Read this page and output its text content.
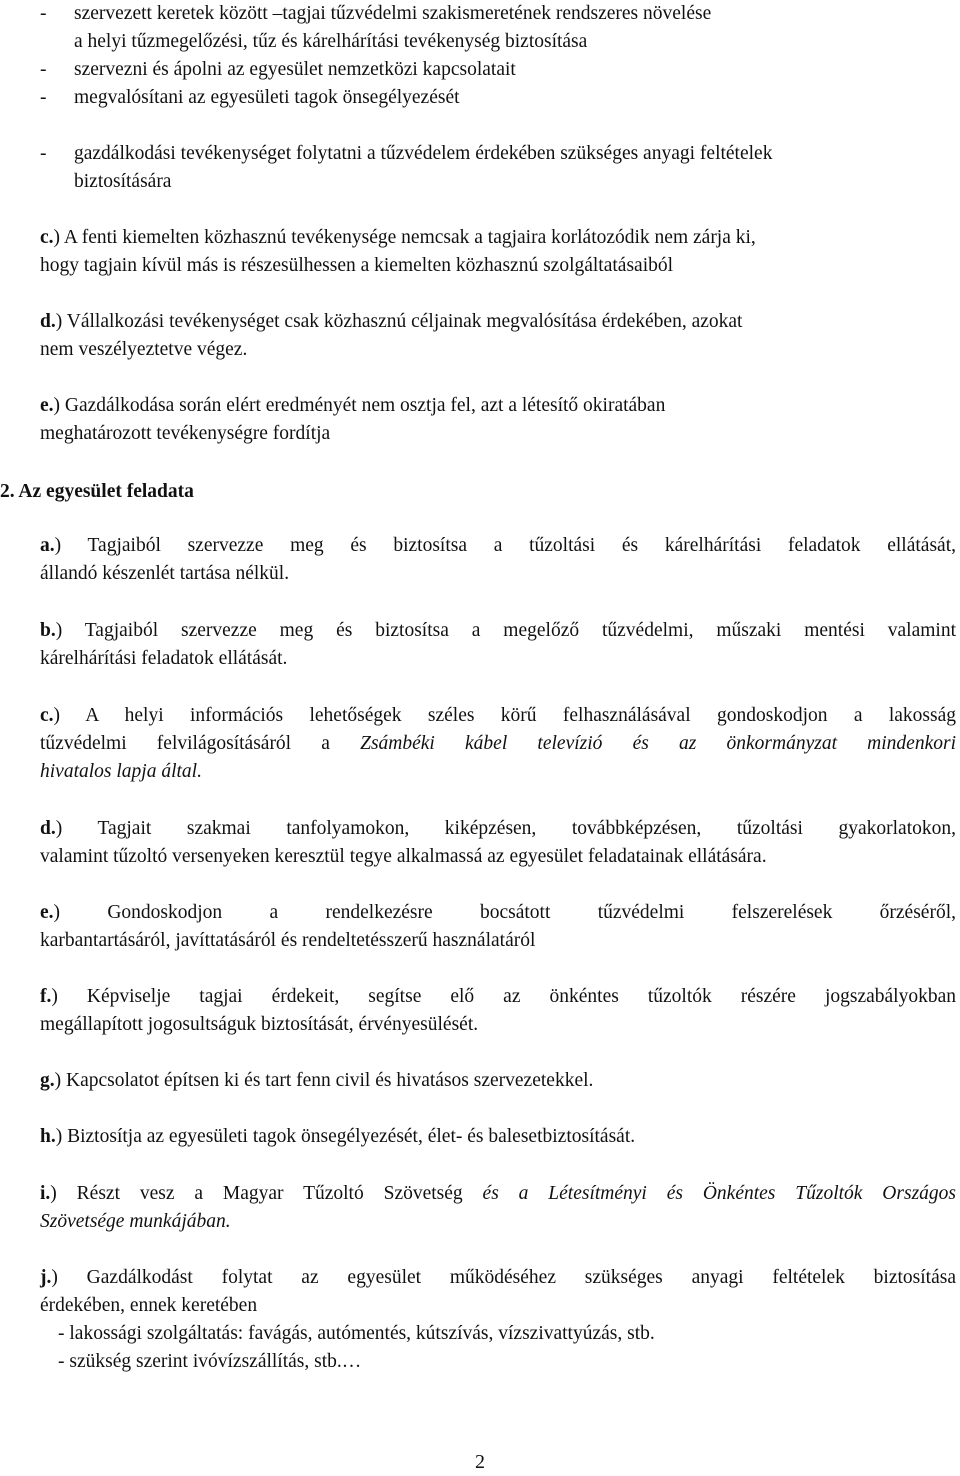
-	szervezett keretek között –tagjai tűzvédelmi szakismeretének rendszeres növelése
a helyi tűzmegelőzési, tűz és kárelhárítási tevékenység biztosítása
-	szervezni és ápolni az egyesület nemzetközi kapcsolatait
-	megvalósítani az egyesületi tagok önsegélyezését
-	gazdálkodási tevékenységet folytatni a tűzvédelem érdekében szükséges anyagi feltételek
biztosítására

c.) A fenti kiemelten közhasznú tevékenysége nemcsak a tagjaira korlátozódik nem zárja ki,
hogy tagjain kívül más is részesülhessen a kiemelten közhasznú szolgáltatásaiból

d.) Vállalkozási tevékenységet csak közhasznú céljainak megvalósítása érdekében, azokat
nem veszélyeztetve végez.

e.) Gazdálkodása során elért eredményét nem osztja fel, azt a létesítő okiratában
meghatározott tevékenységre fordítja

2. Az egyesület feladata
a.) Tagjaiból szervezze meg és biztosítsa a tűzoltási és kárelhárítási feladatok ellátását,
állandó készenlét tartása nélkül.
b.) Tagjaiból szervezze meg és biztosítsa a megelőző tűzvédelmi, műszaki mentési valamint
kárelhárítási feladatok ellátását.
c.) A helyi információs lehetőségek széles körű felhasználásával gondoskodjon a lakosság
tűzvédelmi felvilágosításáról a Zsámbéki kábel televízió és az önkormányzat mindenkori
hivatalos lapja által.
d.) Tagjait szakmai tanfolyamokon, kiképzésen, továbbképzésen, tűzoltási gyakorlatokon,
valamint tűzoltó versenyeken keresztül tegye alkalmassá az egyesület feladatainak ellátására.
e.) Gondoskodjon a rendelkezésre bocsátott tűzvédelmi felszerelések őrzéséről,
karbantartásáról, javíttatásáról és rendeltetésszerű használatáról
f.) Képviselje tagjai érdekeit, segítse elő az önkéntes tűzoltók részére jogszabályokban
megállapított jogosultságuk biztosítását, érvényesülését.
g.) Kapcsolatot építsen ki és tart fenn civil és hivatásos szervezetekkel.
h.) Biztosítja az egyesületi tagok önsegélyezését, élet- és balesetbiztosítását.
i.) Részt vesz a Magyar Tűzoltó Szövetség és a Létesítményi és Önkéntes Tűzoltók Országos
Szövetsége munkájában.
j.) Gazdálkodást folytat az egyesület működéséhez szükséges anyagi feltételek biztosítása
érdekében, ennek keretében
- lakossági szolgáltatás: favágás, autómentés, kútszívás, vízszivattyúzás, stb.
- szükség szerint ivóvízszállítás, stb.…
2
